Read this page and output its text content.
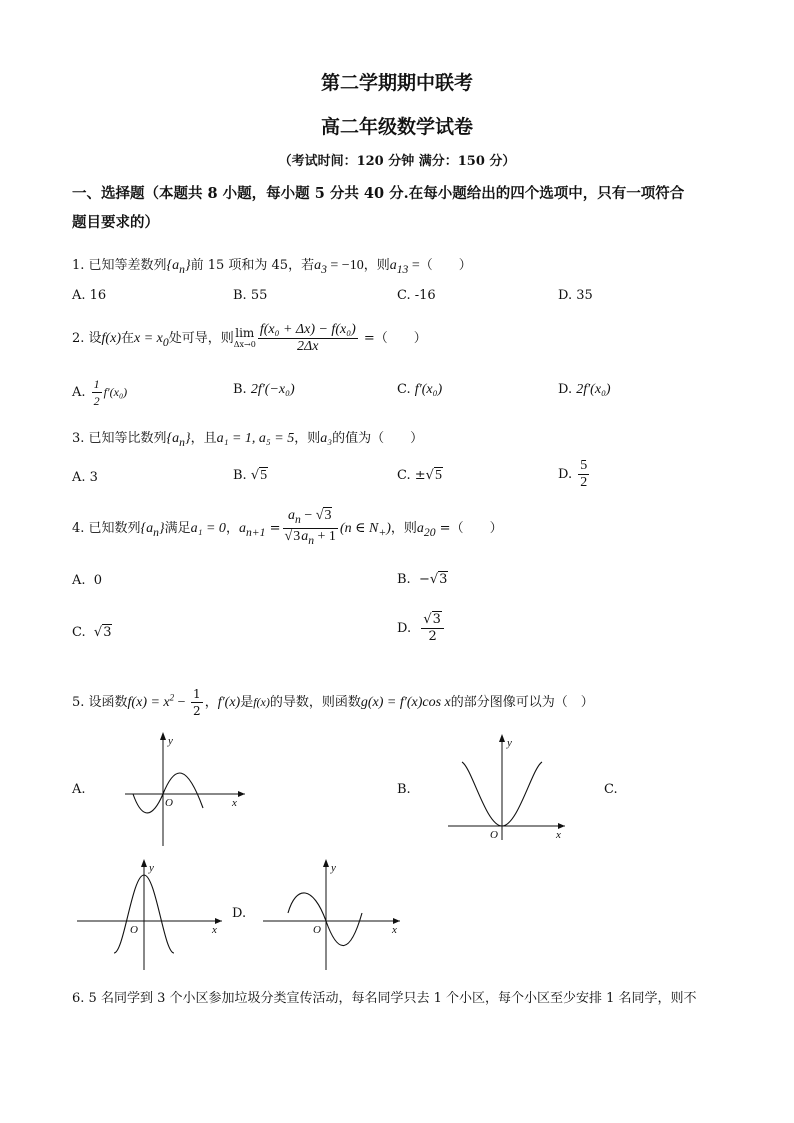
第二学期期中联考
高二年级数学试卷
（考试时间：120 分钟 满分：150 分）
一、选择题（本题共 8 小题，每小题 5 分共 40 分.在每小题给出的四个选项中，只有一项符合
题目要求的）
1. 已知等差数列$\{a_n\}$前 15 项和为 45，若$a_3 = -10$，则$a_{13}$ =（　　）
A. 16	B. 55	C. -16	D. 35
2. 设f(x)在$x = x_0$处可导，则 lim
$\Delta x\to 0 \frac{\text{f(x₀ + Δx) − f(x₀)}}{2\Delta x}$ =（　　）
A. $\frac{1}{2} f'(x_0)$	B. 2f′(−x₀)	C. f′(x₀)	D. 2f′(x₀)
3. 已知等比数列$\{a_n\}$，且a₁ = 1, a₅ = 5，则a₃的值为（　　）
A. 3	B. √5	C. ±√5	D. $\frac{5}{2}$
4. 已知数列$\{a_n\}$满足a₁ = 0，$a_{n+1} = \frac{a_n - √3}{√3a_n + 1} (n$ ∈ $N_+$)，则$a_{20}$ =（　　）
A. 0	B. −√3
C.  √3	D. $\frac{√3}{2}$
5. 设函数$f(x) = x^2 - \frac{1}{2}$ ，f′(x)是f(x)的导数，则函数g(x) = f′(x)cos x的部分图像可以为（　）
A.	B.	C.
D.
x
y
O
x
y
O
x
y
O	x
y
O
6. 5 名同学到 3 个小区参加垃圾分类宣传活动，每名同学只去 1 个小区，每个小区至少安排 1 名同学，则不
